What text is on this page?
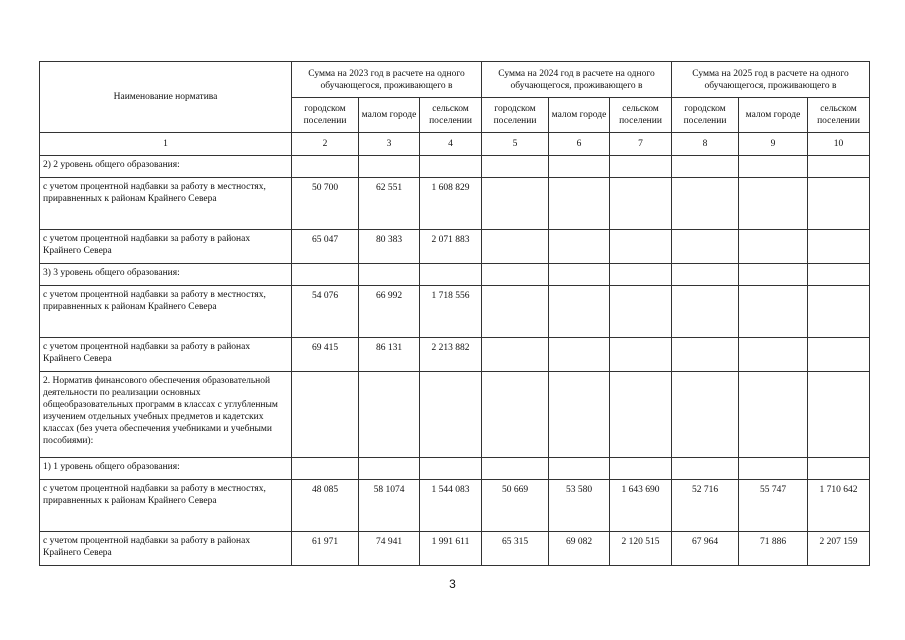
Наименование норматива	Сумма на 2023 год в расчете на одного обучающегося, проживающего в			Сумма на 2024 год в расчете на одного обучающегося, проживающего в			Сумма на 2025 год в расчете на одного обучающегося, проживающего в		
	городском поселении	малом городе	сельском поселении	городском поселении	малом городе	сельском поселении	городском поселении	малом городе	сельском поселении
1	2	3	4	5	6	7	8	9	10
2) 2 уровень общего образования:									
с учетом процентной надбавки за работу в местностях, приравненных к районам Крайнего Севера	50 700	62 551	1 608 829						
с учетом процентной надбавки за работу в районах Крайнего Севера	65 047	80 383	2 071 883						
3) 3 уровень общего образования:									
с учетом процентной надбавки за работу в местностях, приравненных к районам Крайнего Севера	54 076	66 992	1 718 556						
с учетом процентной надбавки за работу в районах Крайнего Севера	69 415	86 131	2 213 882						
2. Норматив финансового обеспечения образовательной деятельности по реализации основных общеобразовательных программ в классах с углубленным изучением отдельных учебных предметов и кадетских классах (без учета обеспечения учебниками и учебными пособиями):									
1) 1 уровень общего образования:									
с учетом процентной надбавки за работу в местностях, приравненных к районам Крайнего Севера	48 085	58 1074	1 544 083	50 669	53 580	1 643 690	52 716	55 747	1 710 642
с учетом процентной надбавки за работу в районах Крайнего Севера	61 971	74 941	1 991 611	65 315	69 082	2 120 515	67 964	71 886	2 207 159
3
